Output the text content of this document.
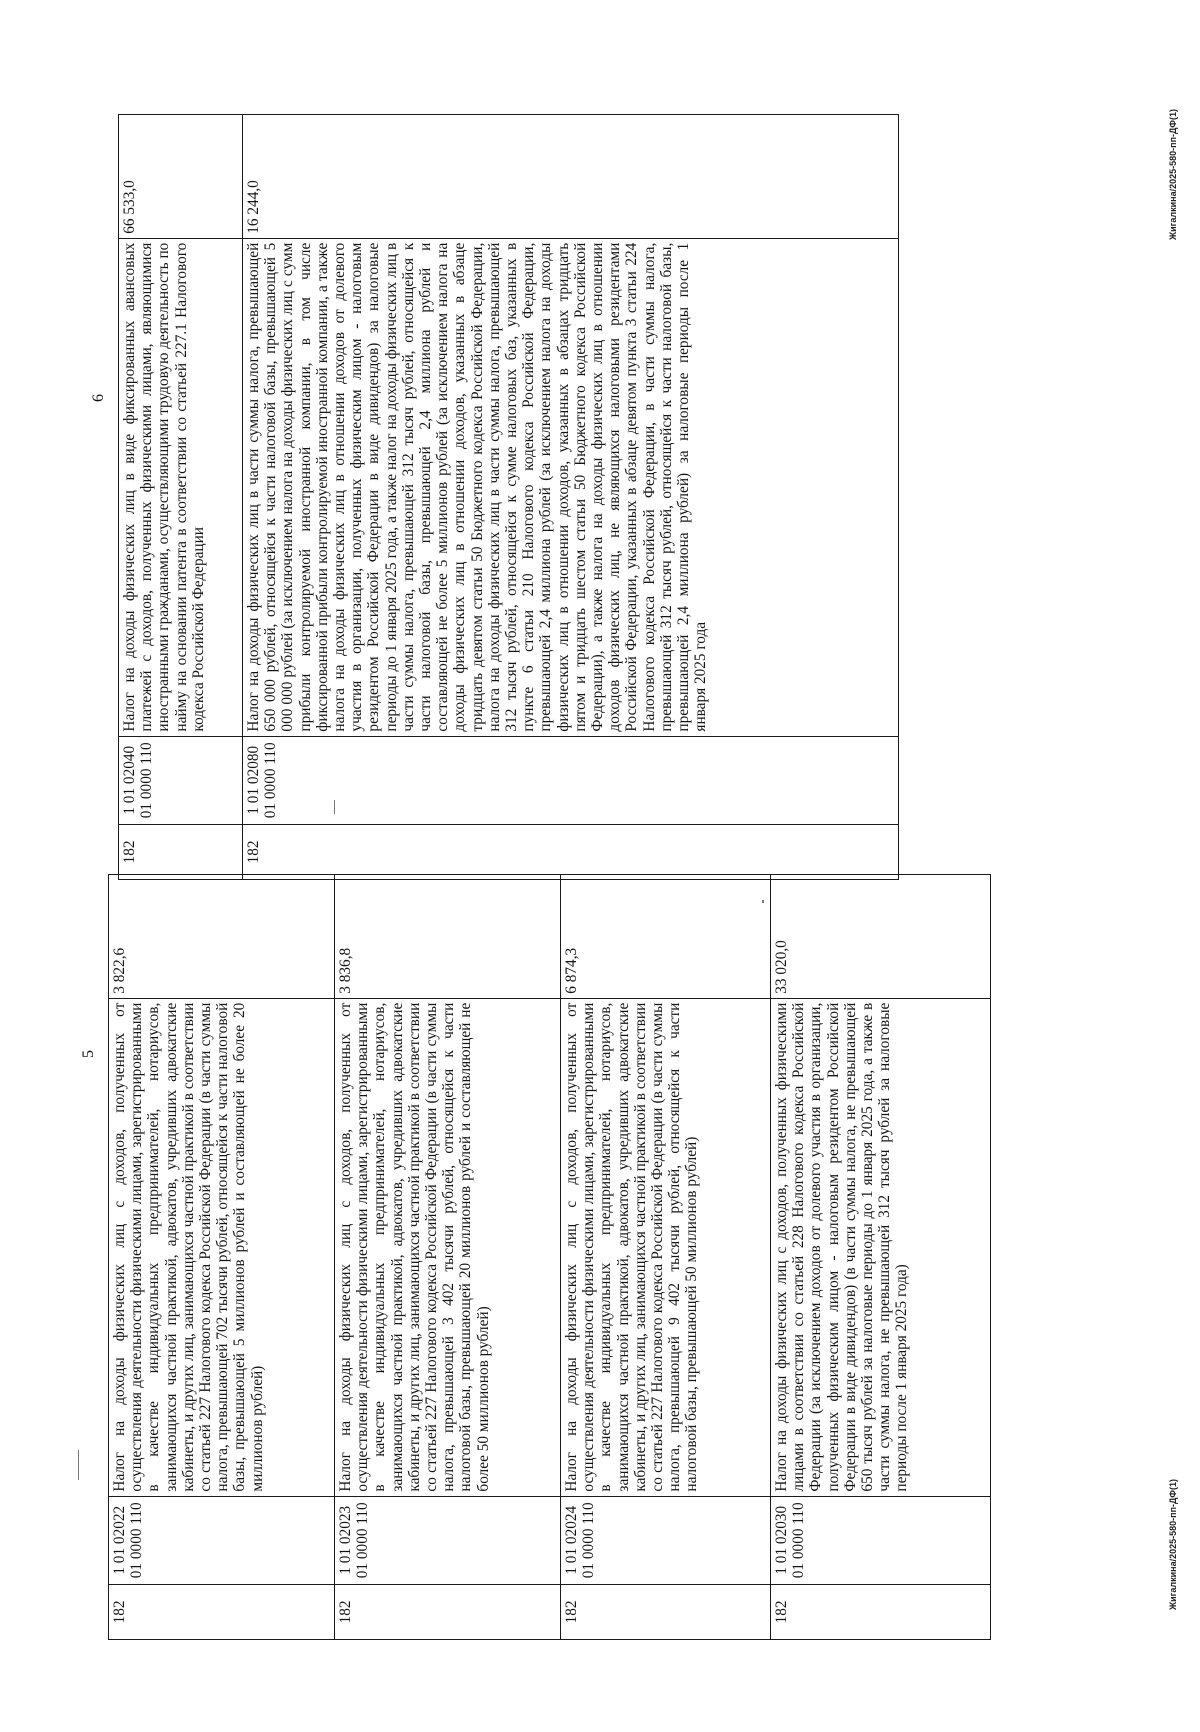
5
182	1 01 02022 01 0000 110	Налог на доходы физических лиц с доходов, полученных от осуществления деятельности физическими лицами, зарегистрированными в качестве индивидуальных предпринимателей, нотариусов, занимающихся частной практикой, адвокатов, учредивших адвокатские кабинеты, и других лиц, занимающихся частной практикой в соответствии со статьей 227 Налогового кодекса Российской Федерации (в части суммы налога, превышающей 702 тысячи рублей, относящейся к части налоговой базы, превышающей 5 миллионов рублей и составляющей не более 20 миллионов рублей)	3 822,6
182	1 01 02023 01 0000 110	Налог на доходы физических лиц с доходов, полученных от осуществления деятельности физическими лицами, зарегистрированными в качестве индивидуальных предпринимателей, нотариусов, занимающихся частной практикой, адвокатов, учредивших адвокатские кабинеты, и других лиц, занимающихся частной практикой в соответствии со статьей 227 Налогового кодекса Российской Федерации (в части суммы налога, превышающей 3 402 тысячи рублей, относящейся к части налоговой базы, превышающей 20 миллионов рублей и составляющей не более 50 миллионов рублей)	3 836,8
182	1 01 02024 01 0000 110	Налог на доходы физических лиц с доходов, полученных от осуществления деятельности физическими лицами, зарегистрированными в качестве индивидуальных предпринимателей, нотариусов, занимающихся частной практикой, адвокатов, учредивших адвокатские кабинеты, и других лиц, занимающихся частной практикой в соответствии со статьей 227 Налогового кодекса Российской Федерации (в части суммы налога, превышающей 9 402 тысячи рублей, относящейся к части налоговой базы, превышающей 50 миллионов рублей)	6 874,3
182	1 01 02030 01 0000 110	Налог на доходы физических лиц с доходов, полученных физическими лицами в соответствии со статьей 228 Налогового кодекса Российской Федерации (за исключением доходов от долевого участия в организации, полученных физическим лицом - налоговым резидентом Российской Федерации в виде дивидендов) (в части суммы налога, не превышающей 650 тысяч рублей за налоговые периоды до 1 января 2025 года, а также в части суммы налога, не превышающей 312 тысяч рублей за налоговые периоды после 1 января 2025 года)	33 020,0
6
182	1 01 02040 01 0000 110	Налог на доходы физических лиц в виде фиксированных авансовых платежей с доходов, полученных физическими лицами, являющимися иностранными гражданами, осуществляющими трудовую деятельность по найму на основании патента в соответствии со статьей 227.1 Налогового кодекса Российской Федерации	66 533,0
182	1 01 02080 01 0000 110	Налог на доходы физических лиц в части суммы налога, превышающей 650 000 рублей, относящейся к части налоговой базы, превышающей 5 000 000 рублей (за исключением налога на доходы физических лиц с сумм прибыли контролируемой иностранной компании, в том числе фиксированной прибыли контролируемой иностранной компании, а также налога на доходы физических лиц в отношении доходов от долевого участия в организации, полученных физическим лицом - налоговым резидентом Российской Федерации в виде дивидендов) за налоговые периоды до 1 января 2025 года, а также налог на доходы физических лиц в части суммы налога, превышающей 312 тысяч рублей, относящейся к части налоговой базы, превышающей 2,4 миллиона рублей и составляющей не более 5 миллионов рублей (за исключением налога на доходы физических лиц в отношении доходов, указанных в абзаце тридцать девятом статьи 50 Бюджетного кодекса Российской Федерации, налога на доходы физических лиц в части суммы налога, превышающей 312 тысяч рублей, относящейся к сумме налоговых баз, указанных в пункте 6 статьи 210 Налогового кодекса Российской Федерации, превышающей 2,4 миллиона рублей (за исключением налога на доходы физических лиц в отношении доходов, указанных в абзацах тридцать пятом и тридцать шестом статьи 50 Бюджетного кодекса Российской Федерации), а также налога на доходы физических лиц в отношении доходов физических лиц, не являющихся налоговыми резидентами Российской Федерации, указанных в абзаце девятом пункта 3 статьи 224 Налогового кодекса Российской Федерации, в части суммы налога, превышающей 312 тысяч рублей, относящейся к части налоговой базы, превышающей 2,4 миллиона рублей) за налоговые периоды после 1 января 2025 года	16 244,0
Жигалкина/2025-580-пп-ДФ(1)
Жигалкина/2025-580-пп-ДФ(1)
